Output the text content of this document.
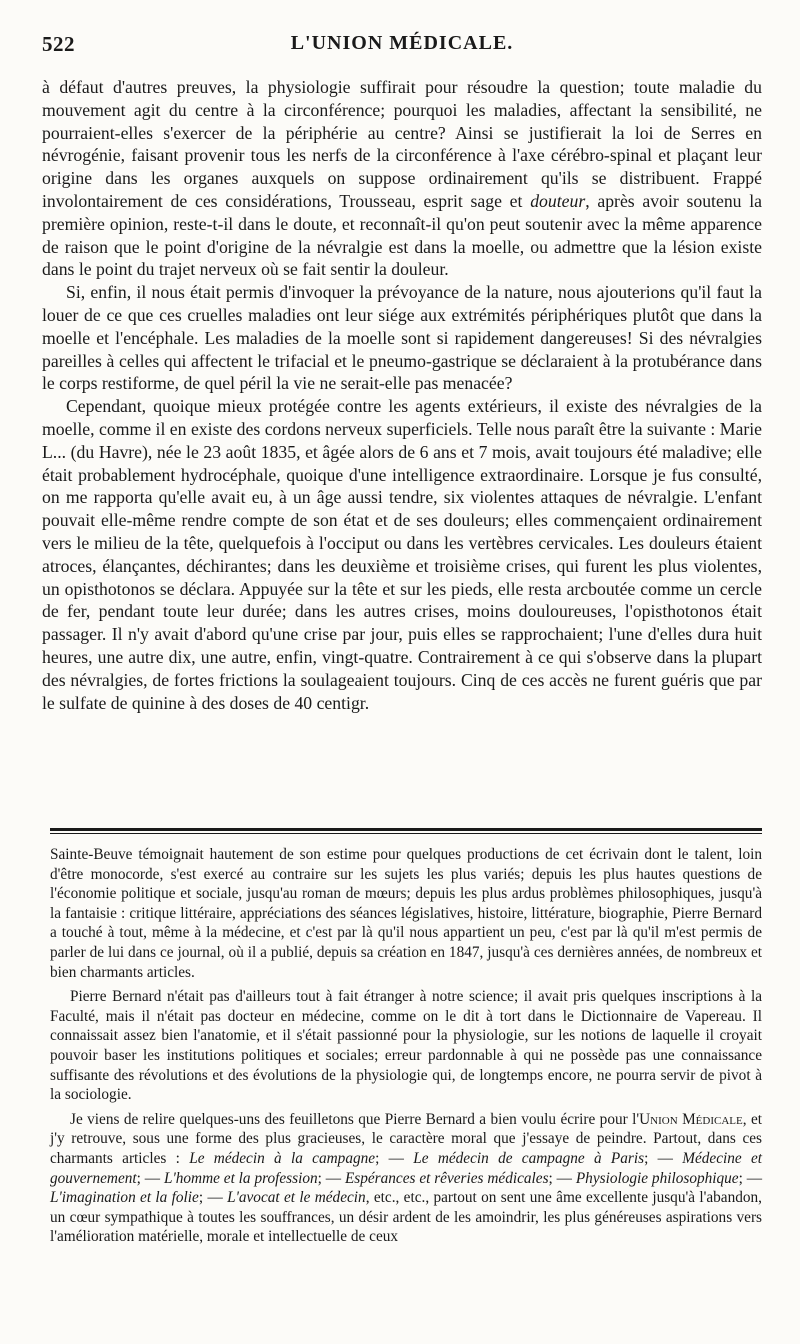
522	L'UNION MÉDICALE.

à défaut d'autres preuves, la physiologie suffirait pour résoudre la question; toute maladie du mouvement agit du centre à la circonférence; pourquoi les maladies, affectant la sensibilité, ne pourraient-elles s'exercer de la périphérie au centre? Ainsi se justifierait la loi de Serres en névrogénie, faisant provenir tous les nerfs de la circonférence à l'axe cérébro-spinal et plaçant leur origine dans les organes auxquels on suppose ordinairement qu'ils se distribuent. Frappé involontairement de ces considérations, Trousseau, esprit sage et douteur, après avoir soutenu la première opinion, reste-t-il dans le doute, et reconnaît-il qu'on peut soutenir avec la même apparence de raison que le point d'origine de la névralgie est dans la moelle, ou admettre que la lésion existe dans le point du trajet nerveux où se fait sentir la douleur.

Si, enfin, il nous était permis d'invoquer la prévoyance de la nature, nous ajouterions qu'il faut la louer de ce que ces cruelles maladies ont leur siége aux extrémités périphériques plutôt que dans la moelle et l'encéphale. Les maladies de la moelle sont si rapidement dangereuses! Si des névralgies pareilles à celles qui affectent le trifacial et le pneumo-gastrique se déclaraient à la protubérance dans le corps restiforme, de quel péril la vie ne serait-elle pas menacée?

Cependant, quoique mieux protégée contre les agents extérieurs, il existe des névralgies de la moelle, comme il en existe des cordons nerveux superficiels. Telle nous paraît être la suivante : Marie L... (du Havre), née le 23 août 1835, et âgée alors de 6 ans et 7 mois, avait toujours été maladive; elle était probablement hydrocéphale, quoique d'une intelligence extraordinaire. Lorsque je fus consulté, on me rapporta qu'elle avait eu, à un âge aussi tendre, six violentes attaques de névralgie. L'enfant pouvait elle-même rendre compte de son état et de ses douleurs; elles commençaient ordinairement vers le milieu de la tête, quelquefois à l'occiput ou dans les vertèbres cervicales. Les douleurs étaient atroces, élançantes, déchirantes; dans les deuxième et troisième crises, qui furent les plus violentes, un opisthotonos se déclara. Appuyée sur la tête et sur les pieds, elle resta arcboutée comme un cercle de fer, pendant toute leur durée; dans les autres crises, moins douloureuses, l'opisthotonos était passager. Il n'y avait d'abord qu'une crise par jour, puis elles se rapprochaient; l'une d'elles dura huit heures, une autre dix, une autre, enfin, vingt-quatre. Contrairement à ce qui s'observe dans la plupart des névralgies, de fortes frictions la soulageaient toujours. Cinq de ces accès ne furent guéris que par le sulfate de quinine à des doses de 40 centigr.

Sainte-Beuve témoignait hautement de son estime pour quelques productions de cet écrivain dont le talent, loin d'être monocorde, s'est exercé au contraire sur les sujets les plus variés; depuis les plus hautes questions de l'économie politique et sociale, jusqu'au roman de mœurs; depuis les plus ardus problèmes philosophiques, jusqu'à la fantaisie : critique littéraire, appréciations des séances législatives, histoire, littérature, biographie, Pierre Bernard a touché à tout, même à la médecine, et c'est par là qu'il nous appartient un peu, c'est par là qu'il m'est permis de parler de lui dans ce journal, où il a publié, depuis sa création en 1847, jusqu'à ces dernières années, de nombreux et bien charmants articles.

Pierre Bernard n'était pas d'ailleurs tout à fait étranger à notre science; il avait pris quelques inscriptions à la Faculté, mais il n'était pas docteur en médecine, comme on le dit à tort dans le Dictionnaire de Vapereau. Il connaissait assez bien l'anatomie, et il s'était passionné pour la physiologie, sur les notions de laquelle il croyait pouvoir baser les institutions politiques et sociales; erreur pardonnable à qui ne possède pas une connaissance suffisante des révolutions et des évolutions de la physiologie qui, de longtemps encore, ne pourra servir de pivot à la sociologie.

Je viens de relire quelques-uns des feuilletons que Pierre Bernard a bien voulu écrire pour l'Union Médicale, et j'y retrouve, sous une forme des plus gracieuses, le caractère moral que j'essaye de peindre. Partout, dans ces charmants articles : Le médecin à la campagne; — Le médecin de campagne à Paris; — Médecine et gouvernement; — L'homme et la profession; — Espérances et rêveries médicales; — Physiologie philosophique; — L'imagination et la folie; — L'avocat et le médecin, etc., etc., partout on sent une âme excellente jusqu'à l'abandon, un cœur sympathique à toutes les souffrances, un désir ardent de les amoindrir, les plus généreuses aspirations vers l'amélioration matérielle, morale et intellectuelle de ceux
